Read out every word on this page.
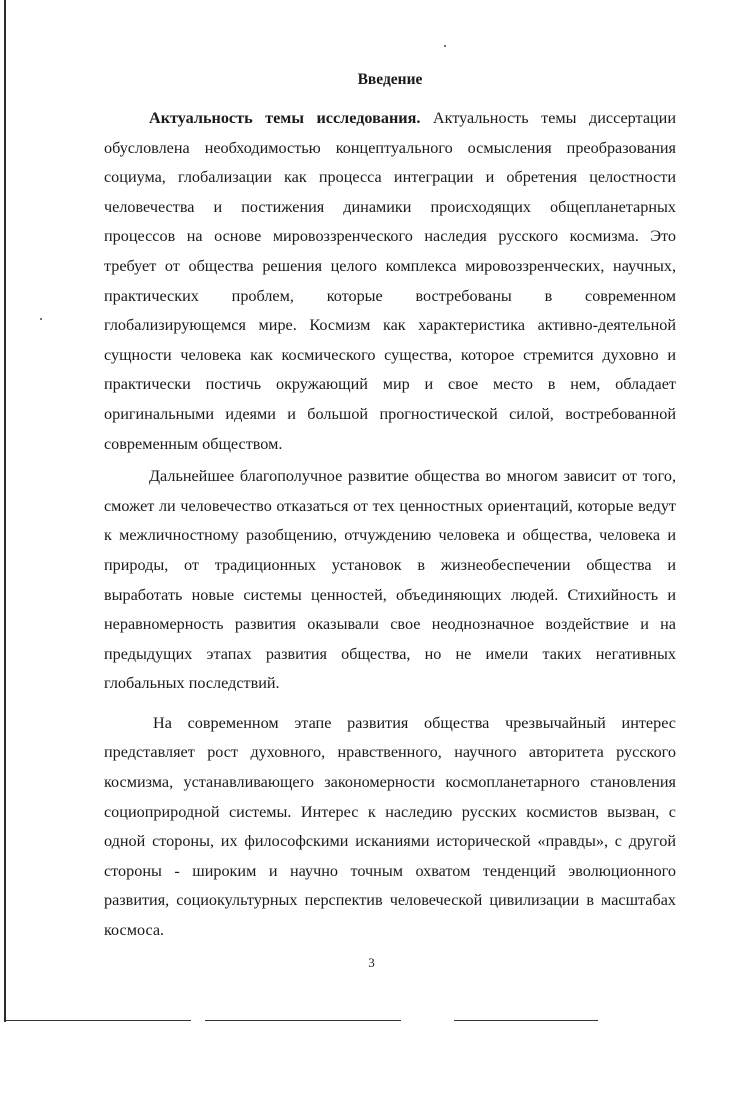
Введение

Актуальность темы исследования. Актуальность темы диссертации обусловлена необходимостью концептуального осмысления преобразования социума, глобализации как процесса интеграции и обретения целостности человечества и постижения динамики происходящих общепланетарных процессов на основе мировоззренческого наследия русского космизма. Это требует от общества решения целого комплекса мировоззренческих, научных, практических проблем, которые востребованы в современном глобализирующемся мире. Космизм как характеристика активно-деятельной сущности человека как космического существа, которое стремится духовно и практически постичь окружающий мир и свое место в нем, обладает оригинальными идеями и большой прогностической силой, востребованной современным обществом.

Дальнейшее благополучное развитие общества во многом зависит от того, сможет ли человечество отказаться от тех ценностных ориентаций, которые ведут к межличностному разобщению, отчуждению человека и общества, человека и природы, от традиционных установок в жизнеобеспечении общества и выработать новые системы ценностей, объединяющих людей. Стихийность и неравномерность развития оказывали свое неоднозначное воздействие и на предыдущих этапах развития общества, но не имели таких негативных глобальных последствий.

На современном этапе развития общества чрезвычайный интерес представляет рост духовного, нравственного, научного авторитета русского космизма, устанавливающего закономерности космопланетарного становления социоприродной системы. Интерес к наследию русских космистов вызван, с одной стороны, их философскими исканиями исторической «правды», с другой стороны - широким и научно точным охватом тенденций эволюционного развития, социокультурных перспектив человеческой цивилизации в масштабах космоса.

3
